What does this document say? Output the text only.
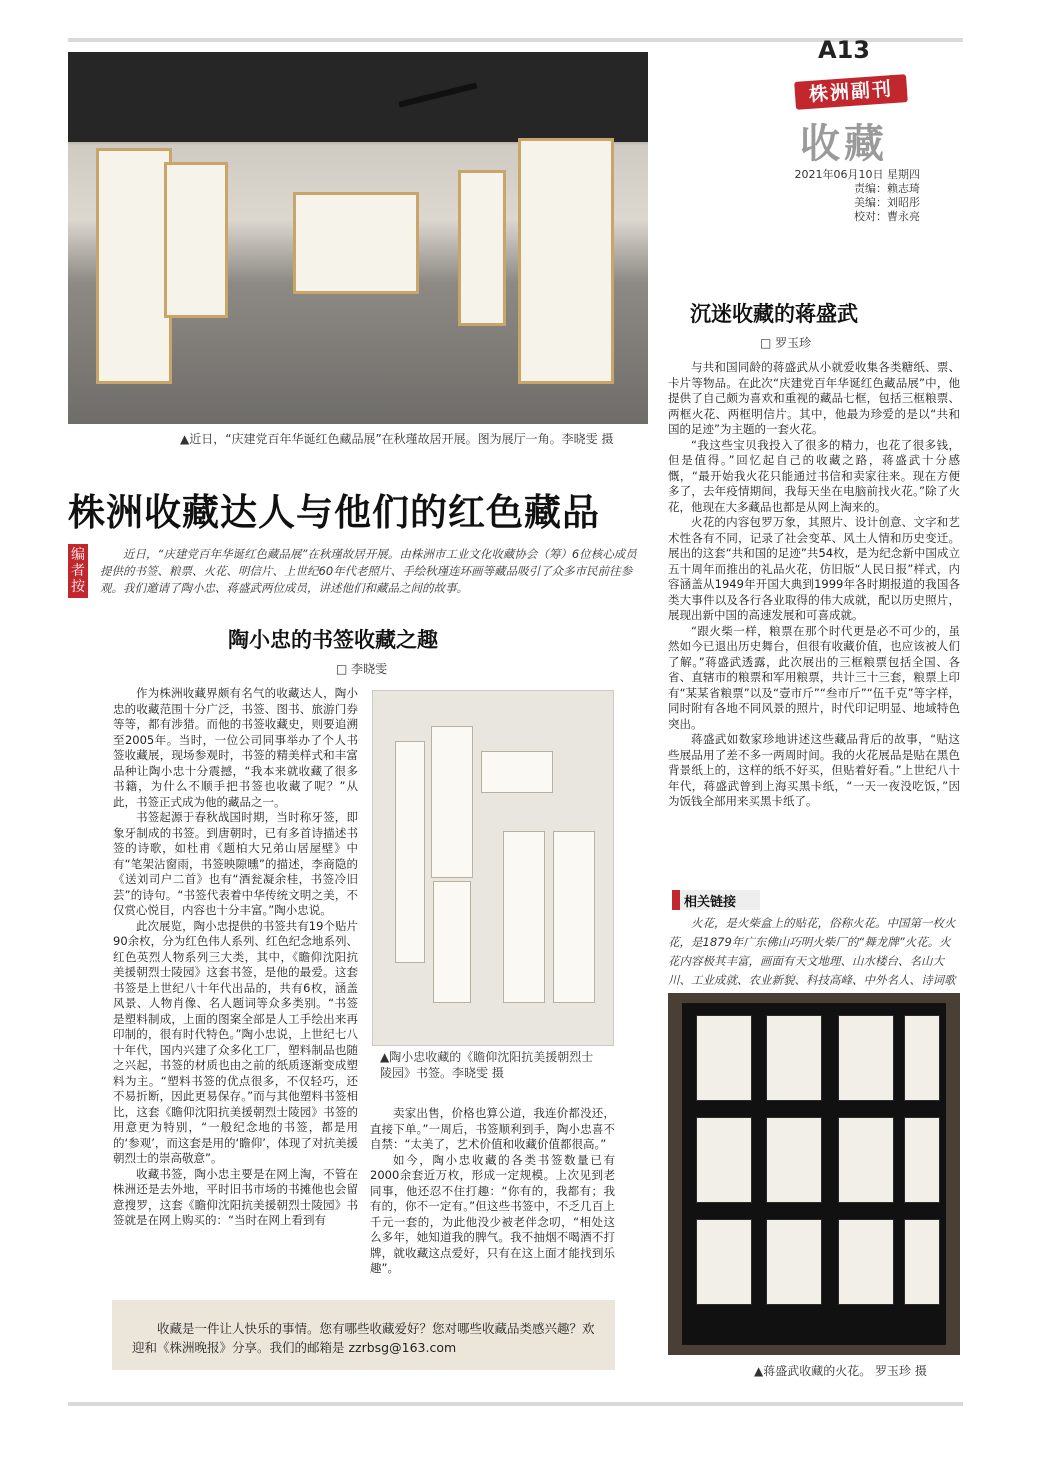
A13
株洲副刊
收藏
2021年06月10日 星期四
责编：赖志琦
美编：刘昭彤
校对：曹永亮
▲近日，“庆建党百年华诞红色藏品展”在秋瑾故居开展。图为展厅一角。李晓雯 摄
株洲收藏达人与他们的红色藏品
编者按
近日，“庆建党百年华诞红色藏品展”在秋瑾故居开展。由株洲市工业文化收藏协会（筹）6位核心成员提供的书签、粮票、火花、明信片、上世纪60年代老照片、手绘秋瑾连环画等藏品吸引了众多市民前往参观。我们邀请了陶小忠、蒋盛武两位成员，讲述他们和藏品之间的故事。
陶小忠的书签收藏之趣
□ 李晓雯

作为株洲收藏界颇有名气的收藏达人，陶小忠的收藏范围十分广泛，书签、图书、旅游门券等等，都有涉猎。而他的书签收藏史，则要追溯至2005年。当时，一位公司同事举办了个人书签收藏展，现场参观时，书签的精美样式和丰富品种让陶小忠十分震撼，“我本来就收藏了很多书籍，为什么不顺手把书签也收藏了呢？”从此，书签正式成为他的藏品之一。

书签起源于春秋战国时期，当时称牙签，即象牙制成的书签。到唐朝时，已有多首诗描述书签的诗歌，如杜甫《题柏大兄弟山居屋壁》中有“笔架沾窗雨，书签映隙曛”的描述，李商隐的《送刘司户二首》也有“酒瓮凝余桂，书签冷旧芸”的诗句。“书签代表着中华传统文明之美，不仅赏心悦目，内容也十分丰富。”陶小忠说。

此次展览，陶小忠提供的书签共有19个贴片90余枚，分为红色伟人系列、红色纪念地系列、红色英烈人物系列三大类，其中，《瞻仰沈阳抗美援朝烈士陵园》这套书签，是他的最爱。这套书签是上世纪八十年代出品的，共有6枚，涵盖风景、人物肖像、名人题词等众多类别。“书签是塑料制成，上面的图案全部是人工手绘出来再印制的，很有时代特色。”陶小忠说，上世纪七八十年代，国内兴建了众多化工厂，塑料制品也随之兴起，书签的材质也由之前的纸质逐渐变成塑料为主。“塑料书签的优点很多，不仅轻巧，还不易折断，因此更易保存。”而与其他塑料书签相比，这套《瞻仰沈阳抗美援朝烈士陵园》书签的用意更为特别，“一般纪念地的书签，都是用的‘参观’，而这套是用的‘瞻仰’，体现了对抗美援朝烈士的崇高敬意”。

收藏书签，陶小忠主要是在网上淘，不管在株洲还是去外地，平时旧书市场的书摊他也会留意搜罗，这套《瞻仰沈阳抗美援朝烈士陵园》书签就是在网上购买的：“当时在网上看到有

▲陶小忠收藏的《瞻仰沈阳抗美援朝烈士
陵园》书签。李晓雯 摄

卖家出售，价格也算公道，我连价都没还，直接下单。”一周后，书签顺利到手，陶小忠喜不自禁：“太美了，艺术价值和收藏价值都很高。”

如今，陶小忠收藏的各类书签数量已有2000余套近万枚，形成一定规模。上次见到老同事，他还忍不住打趣：“你有的，我都有；我有的，你不一定有。”但这些书签中，不乏几百上千元一套的，为此他没少被老伴念叨，“相处这么多年，她知道我的脾气。我不抽烟不喝酒不打牌，就收藏这点爱好，只有在这上面才能找到乐趣”。

沉迷收藏的蒋盛武
□ 罗玉珍

与共和国同龄的蒋盛武从小就爱收集各类糖纸、票、卡片等物品。在此次“庆建党百年华诞红色藏品展”中，他提供了自己颇为喜欢和重视的藏品七框，包括三框粮票、两框火花、两框明信片。其中，他最为珍爱的是以“共和国的足迹”为主题的一套火花。

“我这些宝贝我投入了很多的精力，也花了很多钱，但是值得。”回忆起自己的收藏之路，蒋盛武十分感慨，“最开始我火花只能通过书信和卖家往来。现在方便多了，去年疫情期间，我每天坐在电脑前找火花。”除了火花，他现在大多藏品也都是从网上淘来的。

火花的内容包罗万象，其照片、设计创意、文字和艺术性各有不同，记录了社会变革、风土人情和历史变迁。展出的这套“共和国的足迹”共54枚，是为纪念新中国成立五十周年而推出的礼品火花，仿旧版“人民日报”样式，内容涵盖从1949年开国大典到1999年各时期报道的我国各类大事件以及各行各业取得的伟大成就，配以历史照片，展现出新中国的高速发展和可喜成就。

“跟火柴一样，粮票在那个时代更是必不可少的，虽然如今已退出历史舞台，但很有收藏价值，也应该被人们了解。”蒋盛武透露，此次展出的三框粮票包括全国、各省、直辖市的粮票和军用粮票，共计三十三套，粮票上印有“某某省粮票”以及“壹市斤”“叁市斤”“伍千克”等字样，同时附有各地不同风景的照片，时代印记明显、地域特色突出。

蒋盛武如数家珍地讲述这些藏品背后的故事，“贴这些展品用了差不多一两周时间。我的火花展品是贴在黑色背景纸上的，这样的纸不好买，但贴着好看。”上世纪八十年代，蒋盛武曾到上海买黑卡纸，“一天一夜没吃饭，”因为饭钱全部用来买黑卡纸了。

相关链接
火花，是火柴盒上的贴花，俗称火花。中国第一枚火花，是1879年广东佛山巧明火柴厂的“舞龙牌”火花。火花内容极其丰富，画面有天文地理、山水楼台、名山大川、工业成就、农业新貌、科技高峰、中外名人、诗词歌
▲蒋盛武收藏的火花。 罗玉珍 摄
收藏是一件让人快乐的事情。您有哪些收藏爱好？您对哪些收藏品类感兴趣？欢迎和《株洲晚报》分享。我们的邮箱是 zzrbsg@163.com
